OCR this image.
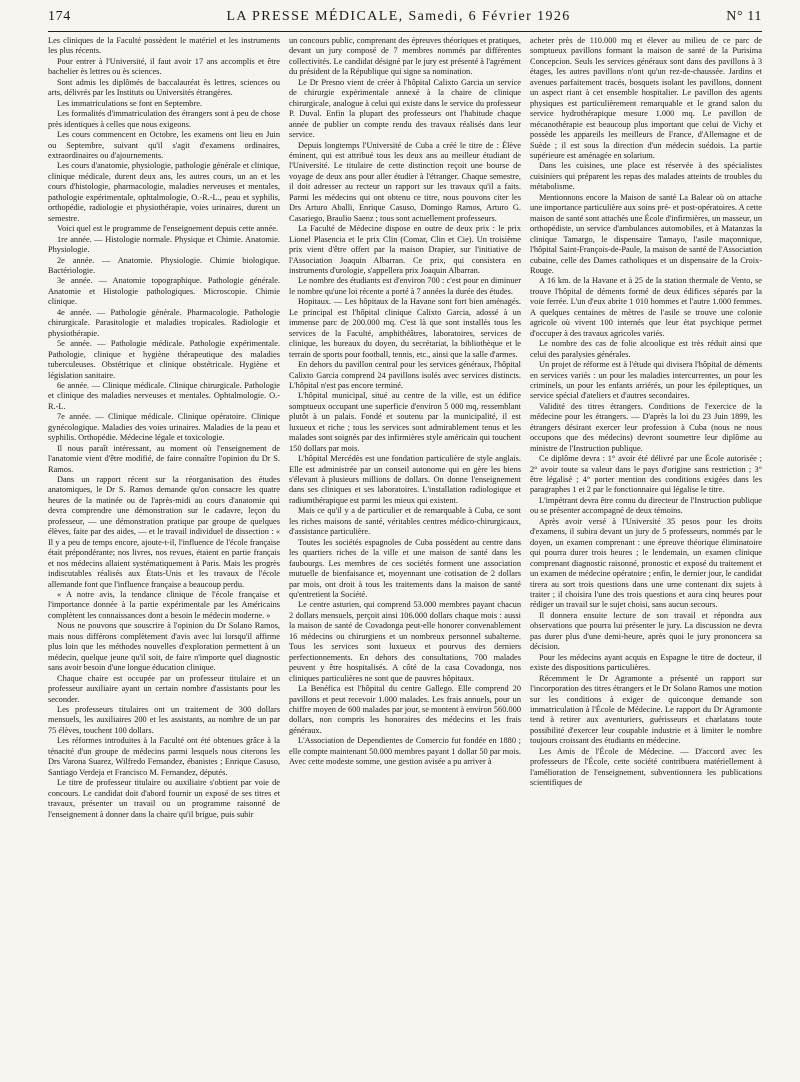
174	LA PRESSE MÉDICALE, Samedi, 6 Février 1926	N° 11

Les cliniques de la Faculté possèdent le matériel et les instruments les plus récents.

Pour entrer à l'Université, il faut avoir 17 ans accomplis et être bachelier ès lettres ou ès sciences.

Sont admis les diplômés de baccalauréat ès lettres, sciences ou arts, délivrés par les Instituts ou Universités étrangères.

Les immatriculations se font en Septembre.

Les formalités d'immatriculation des étrangers sont à peu de chose près identiques à celles que nous exigeons.

Les cours commencent en Octobre, les examens ont lieu en Juin ou Septembre, suivant qu'il s'agit d'examens ordinaires, extraordinaires ou d'ajournements.

Les cours d'anatomie, physiologie, pathologie générale et clinique, clinique médicale, durent deux ans, les autres cours, un an et les cours d'histologie, pharmacologie, maladies nerveuses et mentales, pathologie expérimentale, ophtalmologie, O.-R.-L., peau et syphilis, orthopédie, radiologie et physiothérapie, voies urinaires, durent un semestre.

Voici quel est le programme de l'enseignement depuis cette année.

1re année. — Histologie normale. Physique et Chimie. Anatomie. Physiologie.

2e année. — Anatomie. Physiologie. Chimie biologique. Bactériologie.

3e année. — Anatomie topographique. Pathologie générale. Anatomie et Histologie pathologiques. Microscopie. Chimie clinique.

4e année. — Pathologie générale. Pharmacologie. Pathologie chirurgicale. Parasitologie et maladies tropicales. Radiologie et physiothérapie.

5e année. — Pathologie médicale. Pathologie expérimentale. Pathologie, clinique et hygiène thérapeutique des maladies tuberculeuses. Obstétrique et clinique obstétricale. Hygiène et législation sanitaire.

6e année. — Clinique médicale. Clinique chirurgicale. Pathologie et clinique des maladies nerveuses et mentales. Ophtalmologie. O.-R.-L.

7e année. — Clinique médicale. Clinique opératoire. Clinique gynécologique. Maladies des voies urinaires. Maladies de la peau et syphilis. Orthopédie. Médecine légale et toxicologie.

Il nous paraît intéressant, au moment où l'enseignement de l'anatomie vient d'être modifié, de faire connaître l'opinion du Dr S. Ramos.

Dans un rapport récent sur la réorganisation des études anatomiques, le Dr S. Ramos demande qu'on consacre les quatre heures de la matinée ou de l'après-midi au cours d'anatomie qui devra comprendre une démonstration sur le cadavre, leçon du professeur, — une démonstration pratique par groupe de quelques élèves, faite par des aides, — et le travail individuel de dissection : « Il y a peu de temps encore, ajoute-t-il, l'influence de l'école française était prépondérante; nos livres, nos revues, étaient en partie français et nos médecins allaient systématiquement à Paris. Mais les progrès indiscutables réalisés aux États-Unis et les travaux de l'école allemande font que l'influence française a beaucoup perdu.

« A notre avis, la tendance clinique de l'école française et l'importance donnée à la partie expérimentale par les Américains complètent les connaissances dont a besoin le médecin moderne. »

Nous ne pouvons que souscrire à l'opinion du Dr Solano Ramos, mais nous différons complètement d'avis avec lui lorsqu'il affirme plus loin que les méthodes nouvelles d'exploration permettent à un médecin, quelque jeune qu'il soit, de faire n'importe quel diagnostic sans avoir besoin d'une longue éducation clinique.

Chaque chaire est occupée par un professeur titulaire et un professeur auxiliaire ayant un certain nombre d'assistants pour les seconder.

Les professeurs titulaires ont un traitement de 300 dollars mensuels, les auxiliaires 200 et les assistants, au nombre de un par 75 élèves, touchent 100 dollars.

Les réformes introduites à la Faculté ont été obtenues grâce à la ténacité d'un groupe de médecins parmi lesquels nous citerons les Drs Varona Suarez, Wilfredo Fernandez, ébanistes ; Enrique Casuso, Santiago Verdeja et Francisco M. Fernandez, députés.

Le titre de professeur titulaire ou auxiliaire s'obtient par voie de concours. Le candidat doit d'abord fournir un exposé de ses titres et travaux, présenter un travail ou un programme raisonné de l'enseignement à donner dans la chaire qu'il brigue, puis subir

un concours public, comprenant des épreuves théoriques et pratiques, devant un jury composé de 7 membres nommés par différentes collectivités. Le candidat désigné par le jury est présenté à l'agrément du président de la République qui signe sa nomination.

Le Dr Presno vient de créer à l'hôpital Calixto Garcia un service de chirurgie expérimentale annexé à la chaire de clinique chirurgicale, analogue à celui qui existe dans le service du professeur P. Duval. Enfin la plupart des professeurs ont l'habitude chaque année de publier un compte rendu des travaux réalisés dans leur service.

Depuis longtemps l'Université de Cuba a créé le titre de : Élève éminent, qui est attribué tous les deux ans au meilleur étudiant de l'Université. Le titulaire de cette distinction reçoit une bourse de voyage de deux ans pour aller étudier à l'étranger. Chaque semestre, il doit adresser au recteur un rapport sur les travaux qu'il a faits. Parmi les médecins qui ont obtenu ce titre, nous pouvons citer les Drs Arturo Aballi, Enrique Casuso, Domingo Ramos, Arturo G. Casariego, Braulio Saenz ; tous sont actuellement professeurs.

La Faculté de Médecine dispose en outre de deux prix : le prix Lionel Plasencia et le prix Clin (Comar, Clin et Cie). Un troisième prix vient d'être offert par la maison Drapier, sur l'initiative de l'Association Joaquin Albarran. Ce prix, qui consistera en instruments d'urologie, s'appellera prix Joaquin Albarran.

Le nombre des étudiants est d'environ 700 : c'est pour en diminuer le nombre qu'une loi récente a porté à 7 années la durée des études.

Hopitaux. — Les hôpitaux de la Havane sont fort bien aménagés. Le principal est l'hôpital clinique Calixto Garcia, adossé à un immense parc de 200.000 mq. C'est là que sont installés tous les services de la Faculté, amphithéâtres, laboratoires, services de clinique, les bureaux du doyen, du secrétariat, la bibliothèque et le terrain de sports pour football, tennis, etc., ainsi que la salle d'armes.

En dehors du pavillon central pour les services généraux, l'hôpital Calixto Garcia comprend 24 pavillons isolés avec services distincts. L'hôpital n'est pas encore terminé.

L'hôpital municipal, situé au centre de la ville, est un édifice somptueux occupant une superficie d'environ 5 000 mq, ressemblant plutôt à un palais. Fondé et soutenu par la municipalité, il est luxueux et riche ; tous les services sont admirablement tenus et les malades sont soignés par des infirmières style américain qui touchent 150 dollars par mois.

L'hôpital Mercédès est une fondation particulière de style anglais. Elle est administrée par un conseil autonome qui en gère les biens s'élevant à plusieurs millions de dollars. On donne l'enseignement dans ses cliniques et ses laboratoires. L'installation radiologique et radiumthérapique est parmi les mieux qui existent.

Mais ce qu'il y a de particulier et de remarquable à Cuba, ce sont les riches maisons de santé, véritables centres médico-chirurgicaux, d'assistance particulière.

Toutes les sociétés espagnoles de Cuba possèdent au centre dans les quartiers riches de la ville et une maison de santé dans les faubourgs. Les membres de ces sociétés forment une association mutuelle de bienfaisance et, moyennant une cotisation de 2 dollars par mois, ont droit à tous les traitements dans la maison de santé qu'entretient la Société.

Le centre asturien, qui comprend 53.000 membres payant chacun 2 dollars mensuels, perçoit ainsi 106.000 dollars chaque mois : aussi la maison de santé de Covadonga peut-elle honorer convenablement 16 médecins ou chirurgiens et un nombreux personnel subalterne. Tous les services sont luxueux et pourvus des derniers perfectionnements. En dehors des consultations, 700 malades peuvent y être hospitalisés. A côté de la casa Covadonga, nos cliniques particulières ne sont que de pauvres hôpitaux.

La Benéfica est l'hôpital du centre Gallego. Elle comprend 20 pavillons et peut recevoir 1.000 malades. Les frais annuels, pour un chiffre moyen de 600 malades par jour, se montent à environ 560.000 dollars, non compris les honoraires des médecins et les frais généraux.

L'Association de Dependientes de Comercio fut fondée en 1880 ; elle compte maintenant 50.000 membres payant 1 dollar 50 par mois. Avec cette modeste somme, une gestion avisée a pu arriver à

acheter près de 110.000 mq et élever au milieu de ce parc de somptueux pavillons formant la maison de santé de la Purisima Concepcion. Seuls les services généraux sont dans des pavillons à 3 étages, les autres pavillons n'ont qu'un rez-de-chaussée. Jardins et avenues parfaitement tracés, bosquets isolant les pavillons, donnent un aspect riant à cet ensemble hospitalier. Le pavillon des agents physiques est particulièrement remarquable et le grand salon du service hydrothérapique mesure 1.000 mq. Le pavillon de mécanothérapie est beaucoup plus important que celui de Vichy et possède les appareils les meilleurs de France, d'Allemagne et de Suède ; il est sous la direction d'un médecin suédois. La partie supérieure est aménagée en solarium.

Dans les cuisines, une place est réservée à des spécialistes cuisiniers qui préparent les repas des malades atteints de troubles du métabolisme.

Mentionnons encore la Maison de santé La Balear où on attache une importance particulière aux soins pré- et post-opératoires. A cette maison de santé sont attachés une École d'infirmières, un masseur, un orthopédiste, un service d'ambulances automobiles, et à Matanzas la clinique Tamargo, le dispensaire Tamayo, l'asile maçonnique, l'hôpital Saint-François-de-Paule, la maison de santé de l'Association cubaine, celle des Dames catholiques et un dispensaire de la Croix-Rouge.

A 16 km. de la Havane et à 25 de la station thermale de Vento, se trouve l'hôpital de déments formé de deux édifices séparés par la voie ferrée. L'un d'eux abrite 1 010 hommes et l'autre 1.000 femmes. A quelques centaines de mètres de l'asile se trouve une colonie agricole où vivent 100 internés que leur état psychique permet d'occuper à des travaux agricoles variés.

Le nombre des cas de folie alcoolique est très réduit ainsi que celui des paralysies générales.

Un projet de réforme est à l'étude qui divisera l'hôpital de déments en services variés : un pour les maladies intercurrentes, un pour les criminels, un pour les enfants arriérés, un pour les épileptiques, un service spécial d'ateliers et d'autres secondaires.

Validité des titres étrangers. Conditions de l'exercice de la médecine pour les étrangers. — D'après la loi du 23 Juin 1899, les étrangers désirant exercer leur profession à Cuba (nous ne nous occupons que des médecins) devront soumettre leur diplôme au ministre de l'Instruction publique.

Ce diplôme devra : 1° avoir été délivré par une École autorisée ; 2° avoir toute sa valeur dans le pays d'origine sans restriction ; 3° être légalisé ; 4° porter mention des conditions exigées dans les paragraphes 1 et 2 par le fonctionnaire qui légalise le titre.

L'impétrant devra être connu du directeur de l'Instruction publique ou se présenter accompagné de deux témoins.

Après avoir versé à l'Université 35 pesos pour les droits d'examens, il subira devant un jury de 5 professeurs, nommés par le doyen, un examen comprenant : une épreuve théorique éliminatoire qui pourra durer trois heures ; le lendemain, un examen clinique comprenant diagnostic raisonné, pronostic et exposé du traitement et un examen de médecine opératoire ; enfin, le dernier jour, le candidat tirera au sort trois questions dans une urne contenant dix sujets à traiter ; il choisira l'une des trois questions et aura cinq heures pour rédiger un travail sur le sujet choisi, sans aucun secours.

Il donnera ensuite lecture de son travail et répondra aux observations que pourra lui présenter le jury. La discussion ne devra pas durer plus d'une demi-heure, après quoi le jury prononcera sa décision.

Pour les médecins ayant acquis en Espagne le titre de docteur, il existe des dispositions particulières.

Récemment le Dr Agramonte a présenté un rapport sur l'incorporation des titres étrangers et le Dr Solano Ramos une motion sur les conditions à exiger de quiconque demande son immatriculation à l'École de Médecine. Le rapport du Dr Agramonte tend à retirer aux aventuriers, guérisseurs et charlatans toute possibilité d'exercer leur coupable industrie et à limiter le nombre toujours croissant des étudiants en médecine.

Les Amis de l'École de Médecine. — D'accord avec les professeurs de l'École, cette société contribuera matériellement à l'amélioration de l'enseignement, subventionnera les publications scientifiques de
